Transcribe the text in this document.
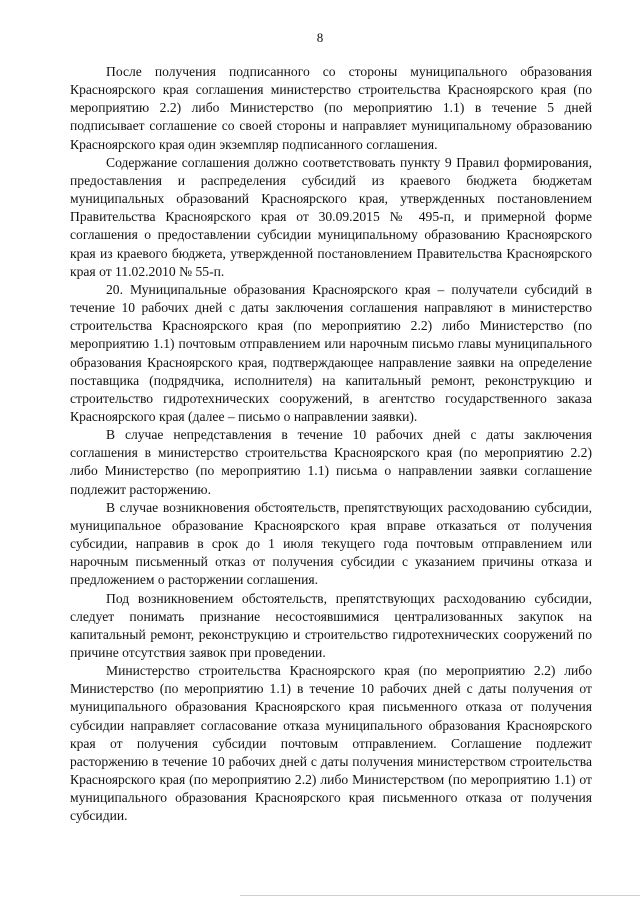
8

После получения подписанного со стороны муниципального образования Красноярского края соглашения министерство строительства Красноярского края (по мероприятию 2.2) либо Министерство (по мероприятию 1.1) в течение 5 дней подписывает соглашение со своей стороны и направляет муниципальному образованию Красноярского края один экземпляр подписанного соглашения.

Содержание соглашения должно соответствовать пункту 9 Правил формирования, предоставления и распределения субсидий из краевого бюджета бюджетам муниципальных образований Красноярского края, утвержденных постановлением Правительства Красноярского края от 30.09.2015 № 495-п, и примерной форме соглашения о предоставлении субсидии муниципальному образованию Красноярского края из краевого бюджета, утвержденной постановлением Правительства Красноярского края от 11.02.2010 № 55-п.

20. Муниципальные образования Красноярского края – получатели субсидий в течение 10 рабочих дней с даты заключения соглашения направляют в министерство строительства Красноярского края (по мероприятию 2.2) либо Министерство (по мероприятию 1.1) почтовым отправлением или нарочным письмо главы муниципального образования Красноярского края, подтверждающее направление заявки на определение поставщика (подрядчика, исполнителя) на капитальный ремонт, реконструкцию и строительство гидротехнических сооружений, в агентство государственного заказа Красноярского края (далее – письмо о направлении заявки).

В случае непредставления в течение 10 рабочих дней с даты заключения соглашения в министерство строительства Красноярского края (по мероприятию 2.2) либо Министерство (по мероприятию 1.1) письма о направлении заявки соглашение подлежит расторжению.

В случае возникновения обстоятельств, препятствующих расходованию субсидии, муниципальное образование Красноярского края вправе отказаться от получения субсидии, направив в срок до 1 июля текущего года почтовым отправлением или нарочным письменный отказ от получения субсидии с указанием причины отказа и предложением о расторжении соглашения.

Под возникновением обстоятельств, препятствующих расходованию субсидии, следует понимать признание несостоявшимися централизованных закупок на капитальный ремонт, реконструкцию и строительство гидротехнических сооружений по причине отсутствия заявок при проведении.

Министерство строительства Красноярского края (по мероприятию 2.2) либо Министерство (по мероприятию 1.1) в течение 10 рабочих дней с даты получения от муниципального образования Красноярского края письменного отказа от получения субсидии направляет согласование отказа муниципального образования Красноярского края от получения субсидии почтовым отправлением. Соглашение подлежит расторжению в течение 10 рабочих дней с даты получения министерством строительства Красноярского края (по мероприятию 2.2) либо Министерством (по мероприятию 1.1) от муниципального образования Красноярского края письменного отказа от получения субсидии.
